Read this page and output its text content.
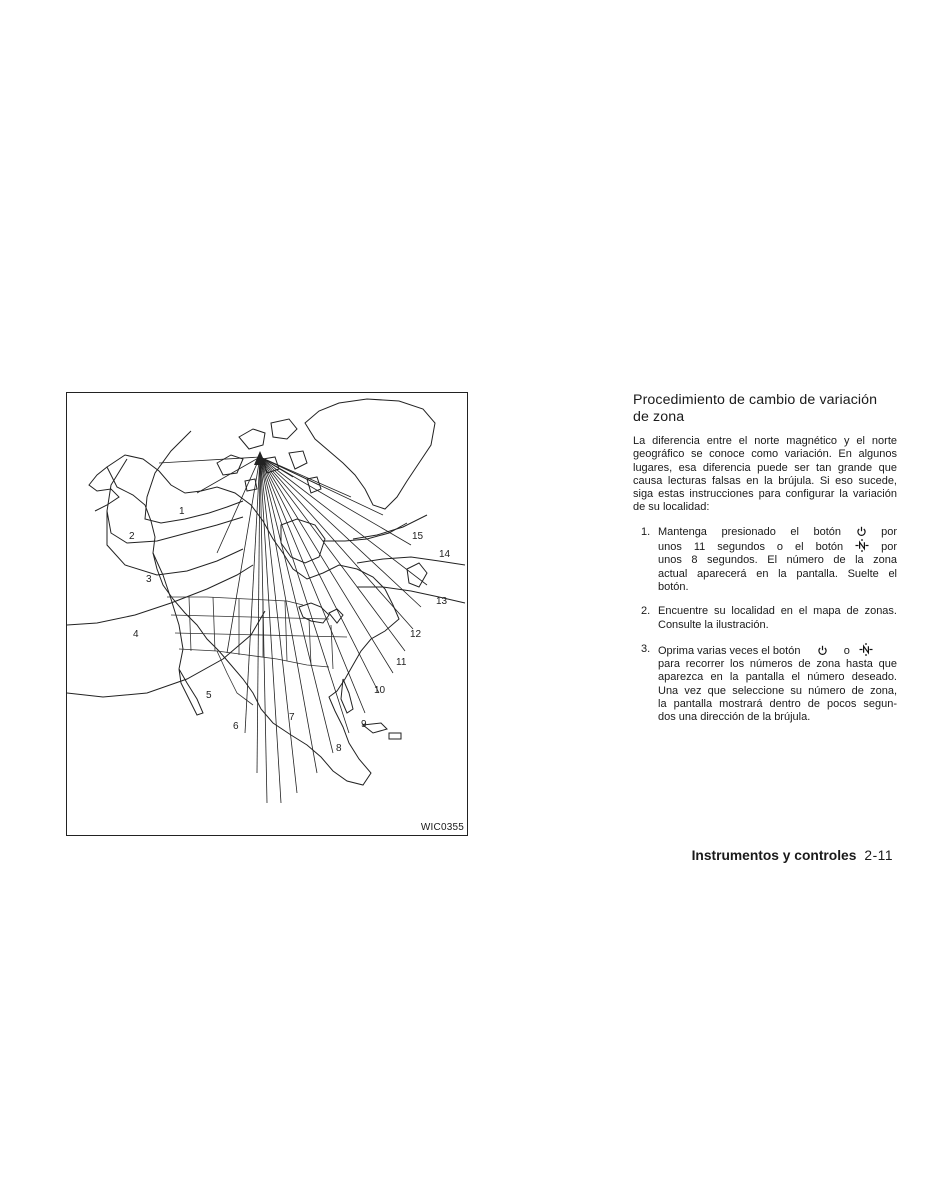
1
2
3
4
5
6
7
8
9
10
11
12
13
14
15
WIC0355
Procedimiento de cambio de variación
de zona

La diferencia entre el norte magnético y el norte geográfico se conoce como variación. En algunos lugares, esa diferencia puede ser tan grande que causa lecturas falsas en la brújula. Si eso sucede, siga estas instrucciones para configurar la variación de su localidad:

1. Mantenga presionado el botón	por
unos 11 segundos o el botón	por
unos 8 segundos. El número de la zona
actual aparecerá en la pantalla. Suelte el
botón.
2. Encuentre su localidad en el mapa de zonas.
Consulte la ilustración.
3. Oprima varias veces el botón	o
para recorrer los números de zona hasta que
aparezca en la pantalla el número deseado.
Una vez que seleccione su número de zona,
la pantalla mostrará dentro de pocos segun-
dos una dirección de la brújula.
Instrumentos y controles 2-11
